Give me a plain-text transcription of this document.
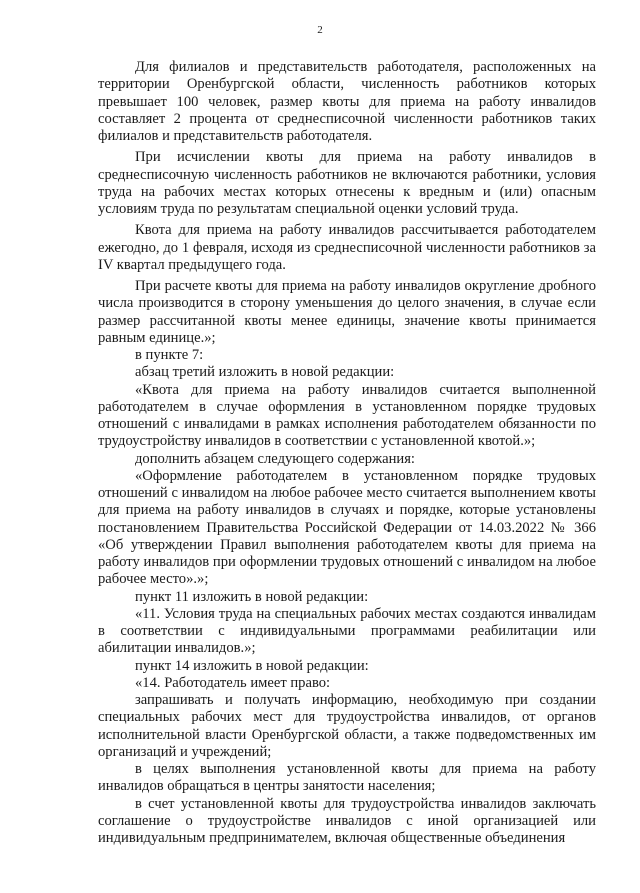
2

Для филиалов и представительств работодателя, расположенных на территории Оренбургской области, численность работников которых превышает 100 человек, размер квоты для приема на работу инвалидов составляет 2 процента от среднесписочной численности работников таких филиалов и представительств работодателя.

При исчислении квоты для приема на работу инвалидов в среднесписочную численность работников не включаются работники, условия труда на рабочих местах которых отнесены к вредным и (или) опасным условиям труда по результатам специальной оценки условий труда.

Квота для приема на работу инвалидов рассчитывается работодателем ежегодно, до 1 февраля, исходя из среднесписочной численности работников за IV квартал предыдущего года.

При расчете квоты для приема на работу инвалидов округление дробного числа производится в сторону уменьшения до целого значения, в случае если размер рассчитанной квоты менее единицы, значение квоты принимается равным единице.»;

в пункте 7:

абзац третий изложить в новой редакции:

«Квота для приема на работу инвалидов считается выполненной работодателем в случае оформления в установленном порядке трудовых отношений с инвалидами в рамках исполнения работодателем обязанности по трудоустройству инвалидов в соответствии с установленной квотой.»;

дополнить абзацем следующего содержания:

«Оформление работодателем в установленном порядке трудовых отношений с инвалидом на любое рабочее место считается выполнением квоты для приема на работу инвалидов в случаях и порядке, которые установлены постановлением Правительства Российской Федерации от 14.03.2022 № 366 «Об утверждении Правил выполнения работодателем квоты для приема на работу инвалидов при оформлении трудовых отношений с инвалидом на любое рабочее место».»;

пункт 11 изложить в новой редакции:

«11. Условия труда на специальных рабочих местах создаются инвалидам в соответствии с индивидуальными программами реабилитации или абилитации инвалидов.»;

пункт 14 изложить в новой редакции:

«14. Работодатель имеет право:

запрашивать и получать информацию, необходимую при создании специальных рабочих мест для трудоустройства инвалидов, от органов исполнительной власти Оренбургской области, а также подведомственных им организаций и учреждений;

в целях выполнения установленной квоты для приема на работу инвалидов обращаться в центры занятости населения;

в счет установленной квоты для трудоустройства инвалидов заключать соглашение о трудоустройстве инвалидов с иной организацией или индивидуальным предпринимателем, включая общественные объединения
